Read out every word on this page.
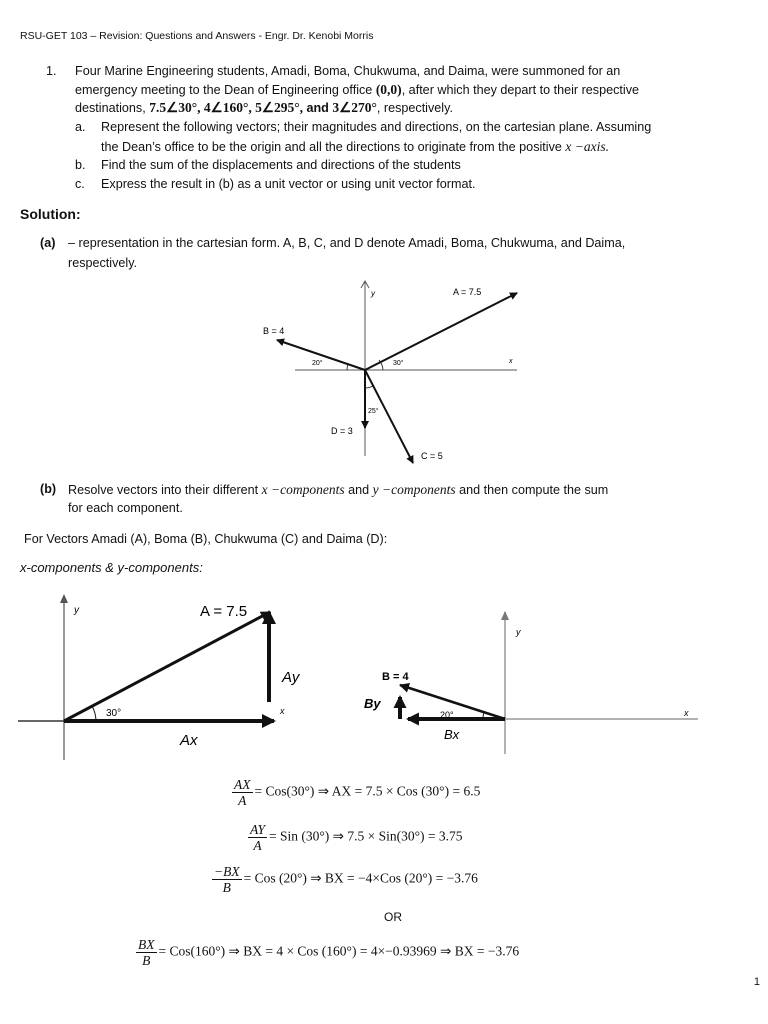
RSU-GET 103 – Revision: Questions and Answers - Engr. Dr. Kenobi Morris
1. Four Marine Engineering students, Amadi, Boma, Chukwuma, and Daima, were summoned for an
emergency meeting to the Dean of Engineering office (0,0), after which they depart to their respective
destinations, 7.5∠30°, 4∠160°, 5∠295°, and 3∠270°, respectively.
a. Represent the following vectors; their magnitudes and directions, on the cartesian plane. Assuming
the Dean’s office to be the origin and all the directions to originate from the positive x −axis.
b. Find the sum of the displacements and directions of the students
c. Express the result in (b) as a unit vector or using unit vector format.
Solution:
(a) – representation in the cartesian form. A, B, C, and D denote Amadi, Boma, Chukwuma, and Daima,
respectively.
y
x
A = 7.5
B = 4
C = 5
D = 3
30°
20°
25°
(b) Resolve vectors into their different x −components and y −components and then compute the sum
for each component.
For Vectors Amadi (A), Boma (B), Chukwuma (C) and Daima (D):
x-components & y-components:
y
x
30°
A = 7.5
Ay
Ax
y
x
20°
B = 4
By
Bx
$\frac{AX}{A} = Cos(30^\circ)$ ⇒ AX = 7.5 × Cos (30°) = 6.5
$\frac{AY}{A}$ = Sin (30°) ⇒ 7.5 × Sin(30°) = 3.75
$\frac{-BX}{B}$ = Cos (20°) ⇒ BX = −4×Cos (20°) = −3.76
OR
$\frac{BX}{B} = Cos(160^\circ)$ ⇒ BX = 4 × Cos (160°) = 4×−0.93969 ⇒ BX = −3.76
1
